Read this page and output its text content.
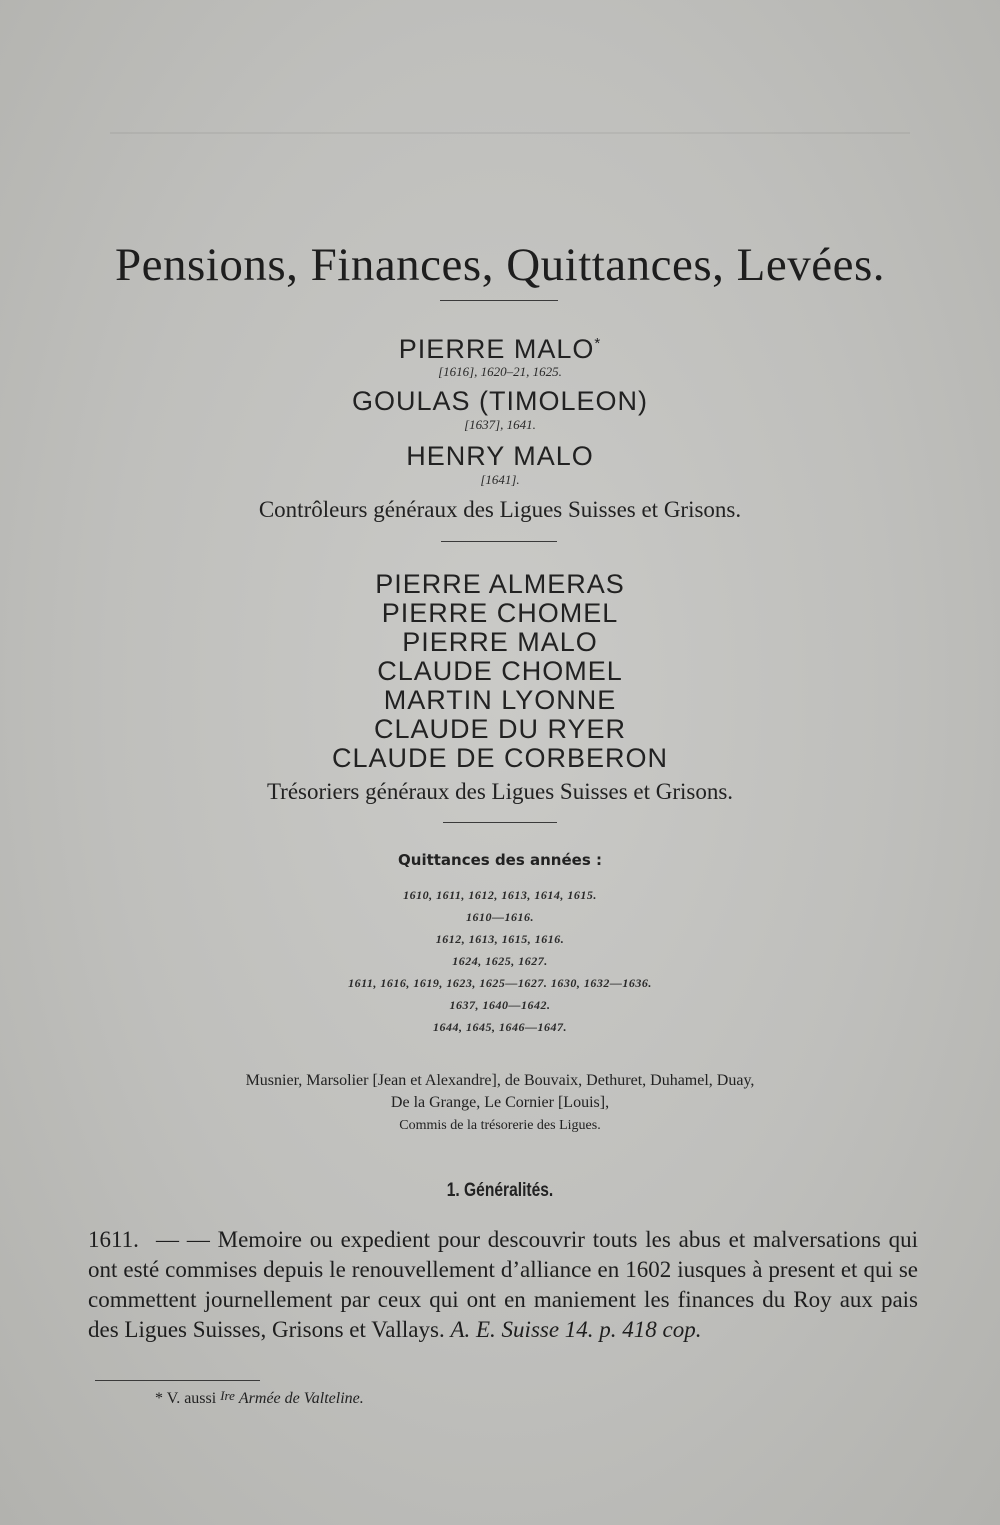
Pensions, Finances, Quittances, Levées.
PIERRE MALO*
[1616], 1620–21, 1625.
GOULAS (TIMOLEON)
[1637], 1641.
HENRY MALO
[1641].
Contrôleurs généraux des Ligues Suisses et Grisons.
PIERRE ALMERAS
PIERRE CHOMEL
PIERRE MALO
CLAUDE CHOMEL
MARTIN LYONNE
CLAUDE DU RYER
CLAUDE DE CORBERON
Trésoriers généraux des Ligues Suisses et Grisons.
Quittances des années :
1610, 1611, 1612, 1613, 1614, 1615.
1610—1616.
1612, 1613, 1615, 1616.
1624, 1625, 1627.
1611, 1616, 1619, 1623, 1625—1627. 1630, 1632—1636.
1637, 1640—1642.
1644, 1645, 1646—1647.
Musnier, Marsolier [Jean et Alexandre], de Bouvaix, Dethuret, Duhamel, Duay,
De la Grange, Le Cornier [Louis],
Commis de la trésorerie des Ligues.
1. Généralités.
1611. — — Memoire ou expedient pour descouvrir touts les abus et malversations qui ont esté commises depuis le renouvellement d’alliance en 1602 iusques à present et qui se commettent journellement par ceux qui ont en maniement les finances du Roy aux pais des Ligues Suisses, Grisons et Vallays. A. E. Suisse 14. p. 418 cop.
* V. aussi Ire Armée de Valteline.
